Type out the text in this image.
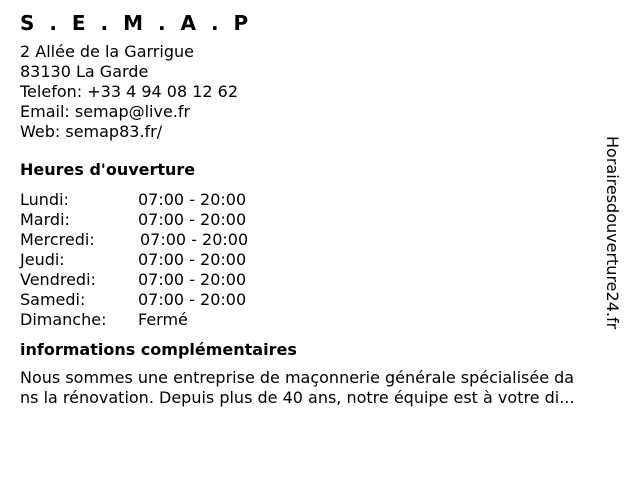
S . E . M . A . P
2 Allée de la Garrigue
83130 La Garde
Telefon: +33 4 94 08 12 62
Email: semap@live.fr
Web: semap83.fr/
Heures d'ouverture
Lundi:	07:00 - 20:00
Mardi:	07:00 - 20:00
Mercredi:	07:00 - 20:00
Jeudi:	07:00 - 20:00
Vendredi:	07:00 - 20:00
Samedi:	07:00 - 20:00
Dimanche:	Fermé
informations complémentaires
Nous sommes une entreprise de maçonnerie générale spécialisée da
ns la rénovation. Depuis plus de 40 ans, notre équipe est à votre di...
Horairesdouverture24.fr
